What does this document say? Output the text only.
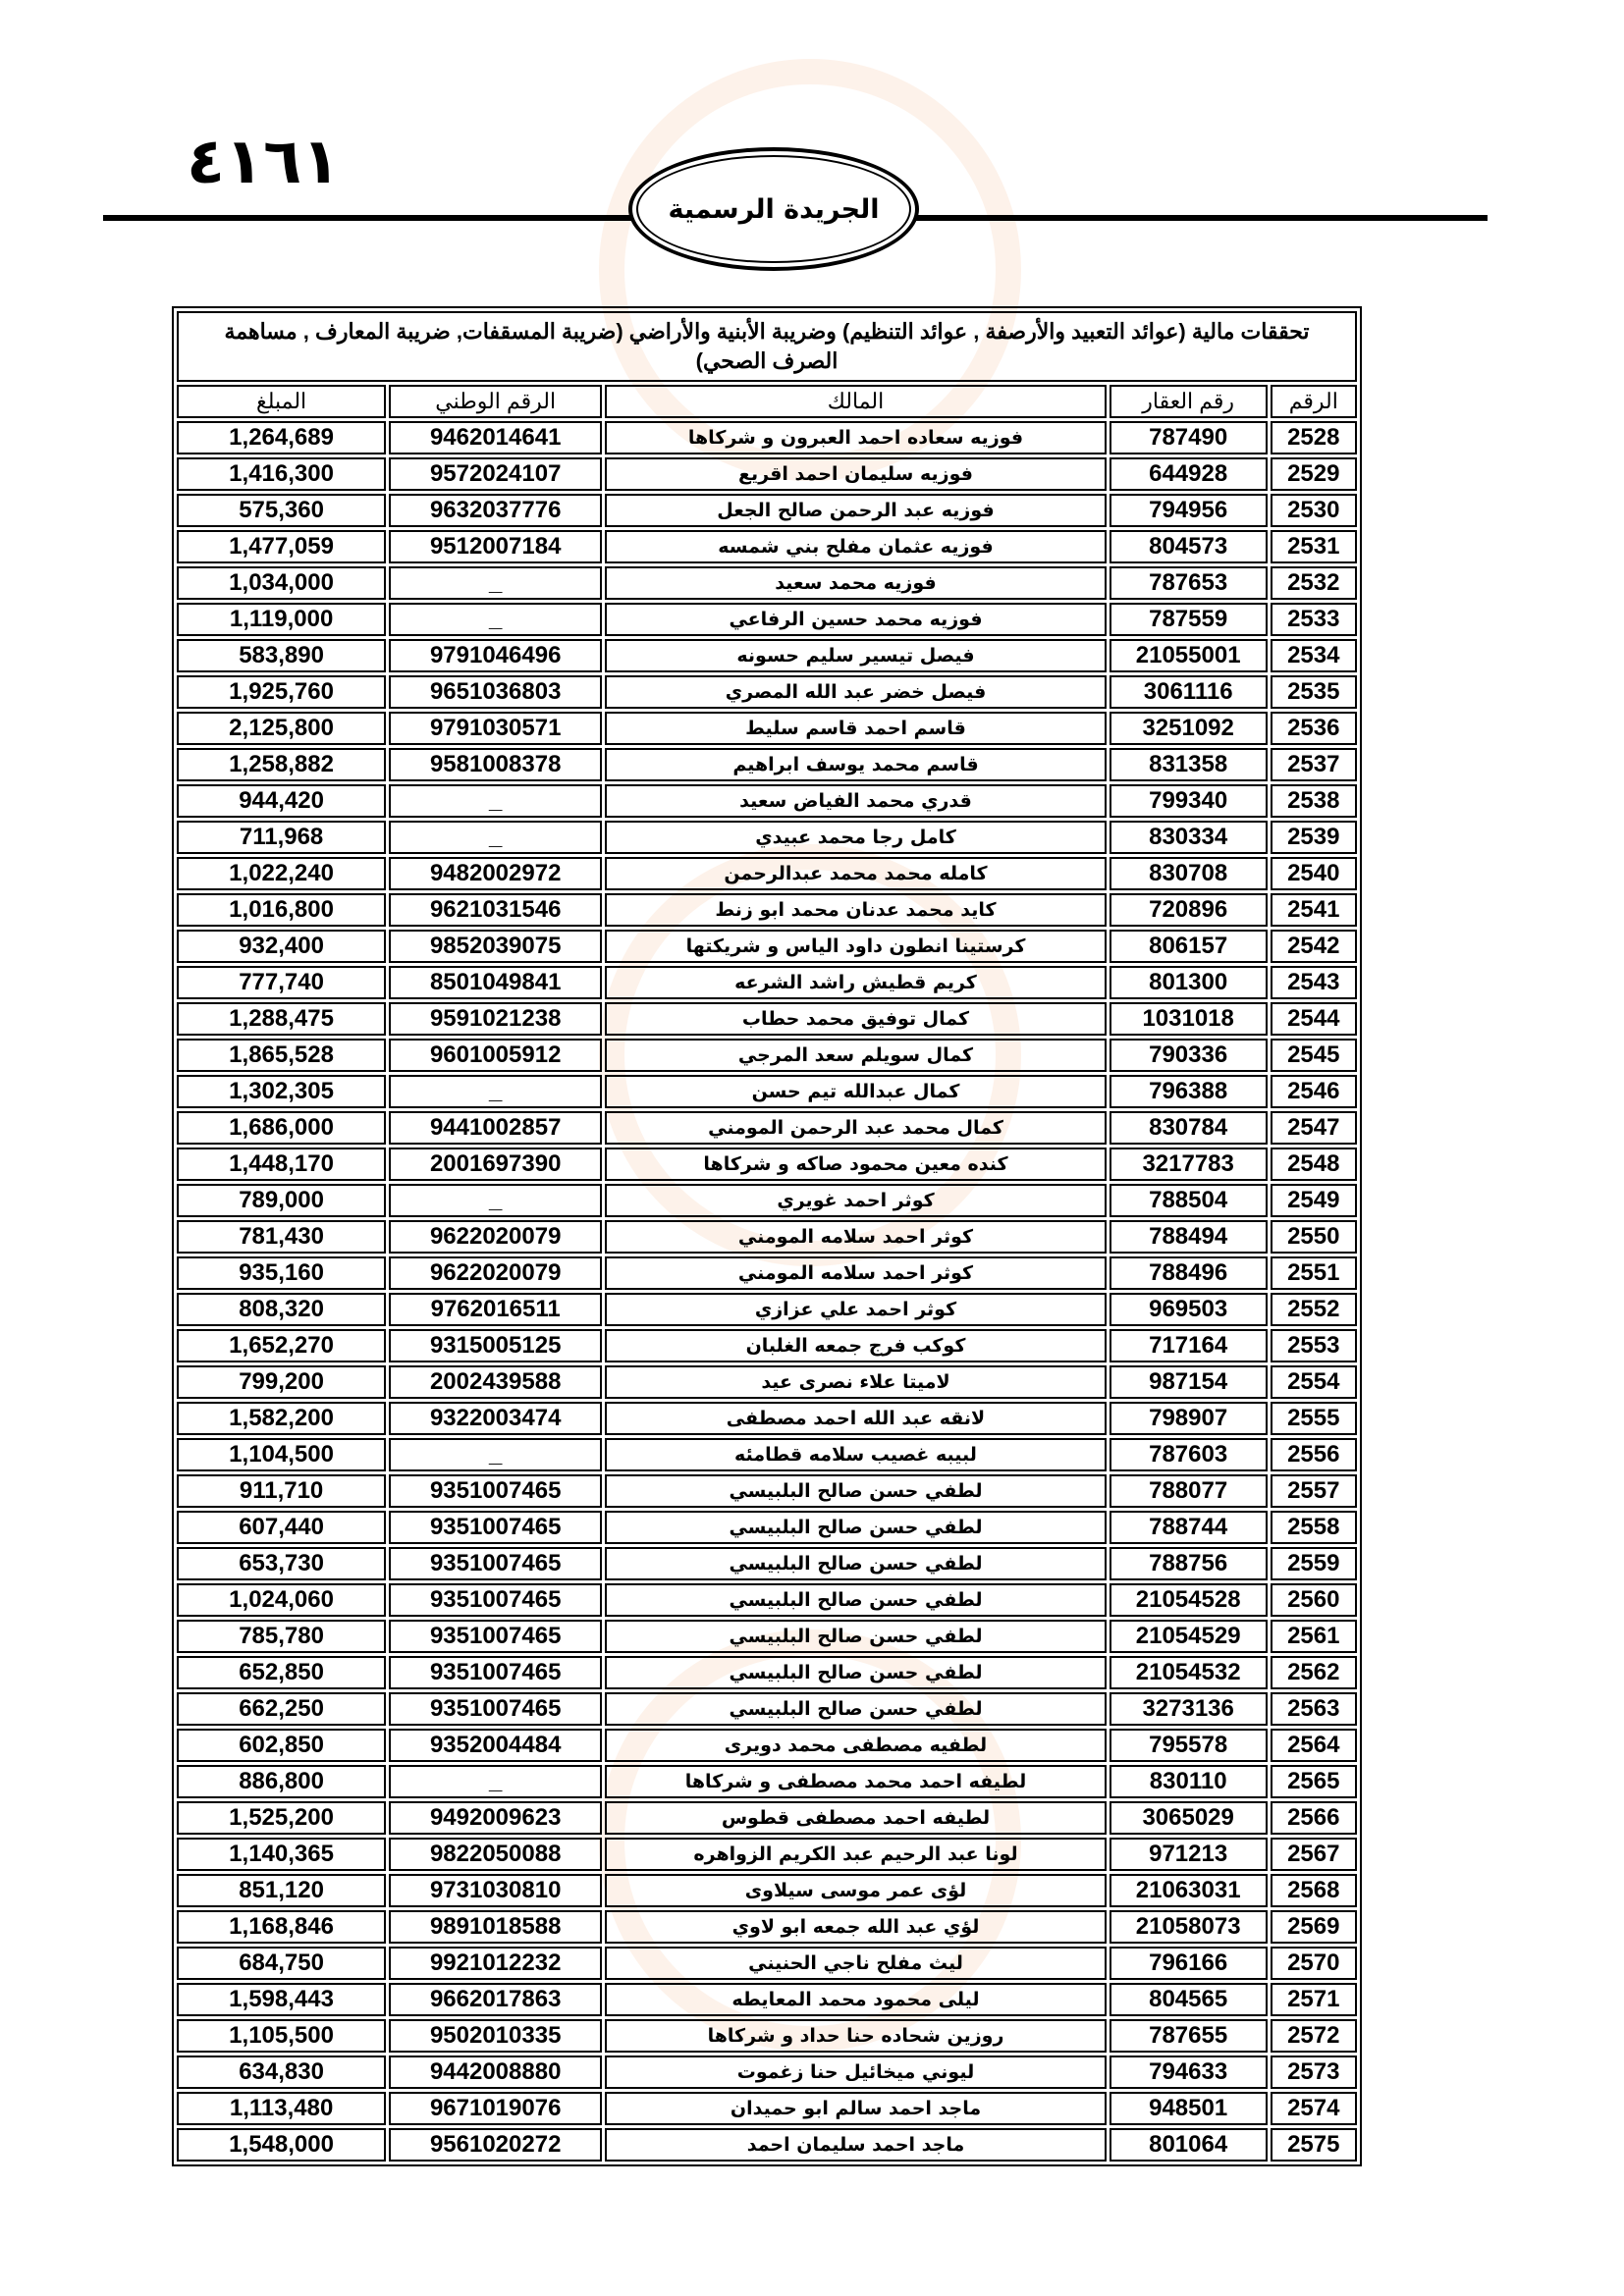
٤١٦١
الجريدة الرسمية
تحققات مالية (عوائد التعبيد والأرصفة , عوائد التنظيم) وضريبة الأبنية والأراضي (ضريبة المسقفات, ضريبة المعارف , مساهمة الصرف الصحي)				
الرقم	رقم العقار	المالك	الرقم الوطني	المبلغ
2528	787490	فوزيه سعاده احمد العبرون و شركاها	9462014641	1,264,689
2529	644928	فوزيه سليمان احمد اقريع	9572024107	1,416,300
2530	794956	فوزيه عبد الرحمن صالح الجعل	9632037776	575,360
2531	804573	فوزيه عثمان مفلح بني شمسه	9512007184	1,477,059
2532	787653	فوزيه محمد سعيد	_	1,034,000
2533	787559	فوزيه محمد حسين الرفاعي	_	1,119,000
2534	21055001	فيصل تيسير سليم حسونه	9791046496	583,890
2535	3061116	فيصل خضر عبد الله المصري	9651036803	1,925,760
2536	3251092	قاسم احمد قاسم سليط	9791030571	2,125,800
2537	831358	قاسم محمد يوسف ابراهيم	9581008378	1,258,882
2538	799340	قدري محمد الفياض سعيد	_	944,420
2539	830334	كامل رجا محمد عبيدي	_	711,968
2540	830708	كامله محمد محمد عبدالرحمن	9482002972	1,022,240
2541	720896	كايد محمد عدنان محمد ابو زنط	9621031546	1,016,800
2542	806157	كرستينا انطون داود الياس و شريكتها	9852039075	932,400
2543	801300	كريم قطيش راشد الشرعه	8501049841	777,740
2544	1031018	كمال توفيق محمد حطاب	9591021238	1,288,475
2545	790336	كمال سويلم سعد المرجي	9601005912	1,865,528
2546	796388	كمال عبدالله تيم حسن	_	1,302,305
2547	830784	كمال محمد عبد الرحمن المومني	9441002857	1,686,000
2548	3217783	كنده معين محمود صاكه و شركاها	2001697390	1,448,170
2549	788504	كوثر احمد غويري	_	789,000
2550	788494	كوثر احمد سلامه المومني	9622020079	781,430
2551	788496	كوثر احمد سلامه المومني	9622020079	935,160
2552	969503	كوثر احمد علي عزازي	9762016511	808,320
2553	717164	كوكب فرج جمعه الغلبان	9315005125	1,652,270
2554	987154	لاميتا علاء نصرى عيد	2002439588	799,200
2555	798907	لانقه عبد الله احمد مصطفى	9322003474	1,582,200
2556	787603	لبيبه غصيب سلامه قطامئه	_	1,104,500
2557	788077	لطفي حسن صالح البلبيسي	9351007465	911,710
2558	788744	لطفي حسن صالح البلبيسي	9351007465	607,440
2559	788756	لطفي حسن صالح البلبيسي	9351007465	653,730
2560	21054528	لطفي حسن صالح البلبيسي	9351007465	1,024,060
2561	21054529	لطفي حسن صالح البلبيسي	9351007465	785,780
2562	21054532	لطفي حسن صالح البلبيسي	9351007465	652,850
2563	3273136	لطفي حسن صالح البلبيسي	9351007465	662,250
2564	795578	لطفيه مصطفى محمد دويرى	9352004484	602,850
2565	830110	لطيفه احمد محمد مصطفى و شركاها	_	886,800
2566	3065029	لطيفه احمد مصطفى قطوس	9492009623	1,525,200
2567	971213	لونا عبد الرحيم عبد الكريم الزواهره	9822050088	1,140,365
2568	21063031	لؤى عمر موسى سيلاوى	9731030810	851,120
2569	21058073	لؤي عبد الله جمعه ابو لاوي	9891018588	1,168,846
2570	796166	ليث مفلح ناجي الحنيني	9921012232	684,750
2571	804565	ليلى محمود محمد المعايطه	9662017863	1,598,443
2572	787655	روزين شحاده حنا حداد و شركاها	9502010335	1,105,500
2573	794633	ليوني ميخائيل حنا زغموت	9442008880	634,830
2574	948501	ماجد احمد سالم ابو حميدان	9671019076	1,113,480
2575	801064	ماجد احمد سليمان احمد	9561020272	1,548,000
